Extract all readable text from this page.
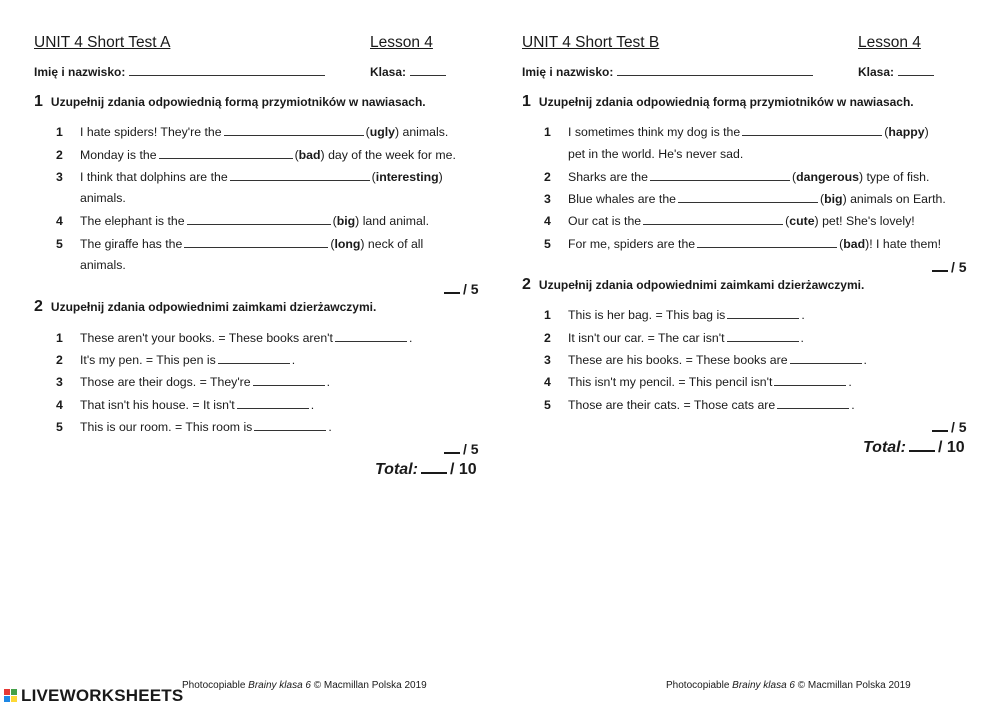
UNIT 4 Short Test A	Lesson 4
Imię i nazwisko:	Klasa:
1 Uzupełnij zdania odpowiednią formą przymiotników w nawiasach.
1 I hate spiders! They're the	(ugly) animals.
2 Monday is the	(bad) day of the week for me.
3 I think that dolphins are the	(interesting)
animals.
4 The elephant is the	(big) land animal.
5 The giraffe has the	(long) neck of all
animals.
/ 5
2 Uzupełnij zdania odpowiednimi zaimkami dzierżawczymi.
1 These aren't your books. = These books aren't	.
2 It's my pen. = This pen is	.
3 Those are their dogs. = They're	.
4 That isn't his house. = It isn't	.
5 This is our room. = This room is	.
/ 5
Total: / 10
Photocopiable Brainy klasa 6 © Macmillan Polska 2019
UNIT 4 Short Test B	Lesson 4
Imię i nazwisko:	Klasa:
1 Uzupełnij zdania odpowiednią formą przymiotników w nawiasach.
1 I sometimes think my dog is the	(happy)
pet in the world. He's never sad.
2 Sharks are the	(dangerous) type of fish.
3 Blue whales are the	(big) animals on Earth.
4 Our cat is the	(cute) pet! She's lovely!
5 For me, spiders are the	(bad)! I hate them!
/ 5
2 Uzupełnij zdania odpowiednimi zaimkami dzierżawczymi.
1 This is her bag. = This bag is	.
2 It isn't our car. = The car isn't	.
3 These are his books. = These books are	.
4 This isn't my pencil. = This pencil isn't	.
5 Those are their cats. = Those cats are	.
/ 5
Total: / 10
Photocopiable Brainy klasa 6 © Macmillan Polska 2019
LIVEWORKSHEETS
